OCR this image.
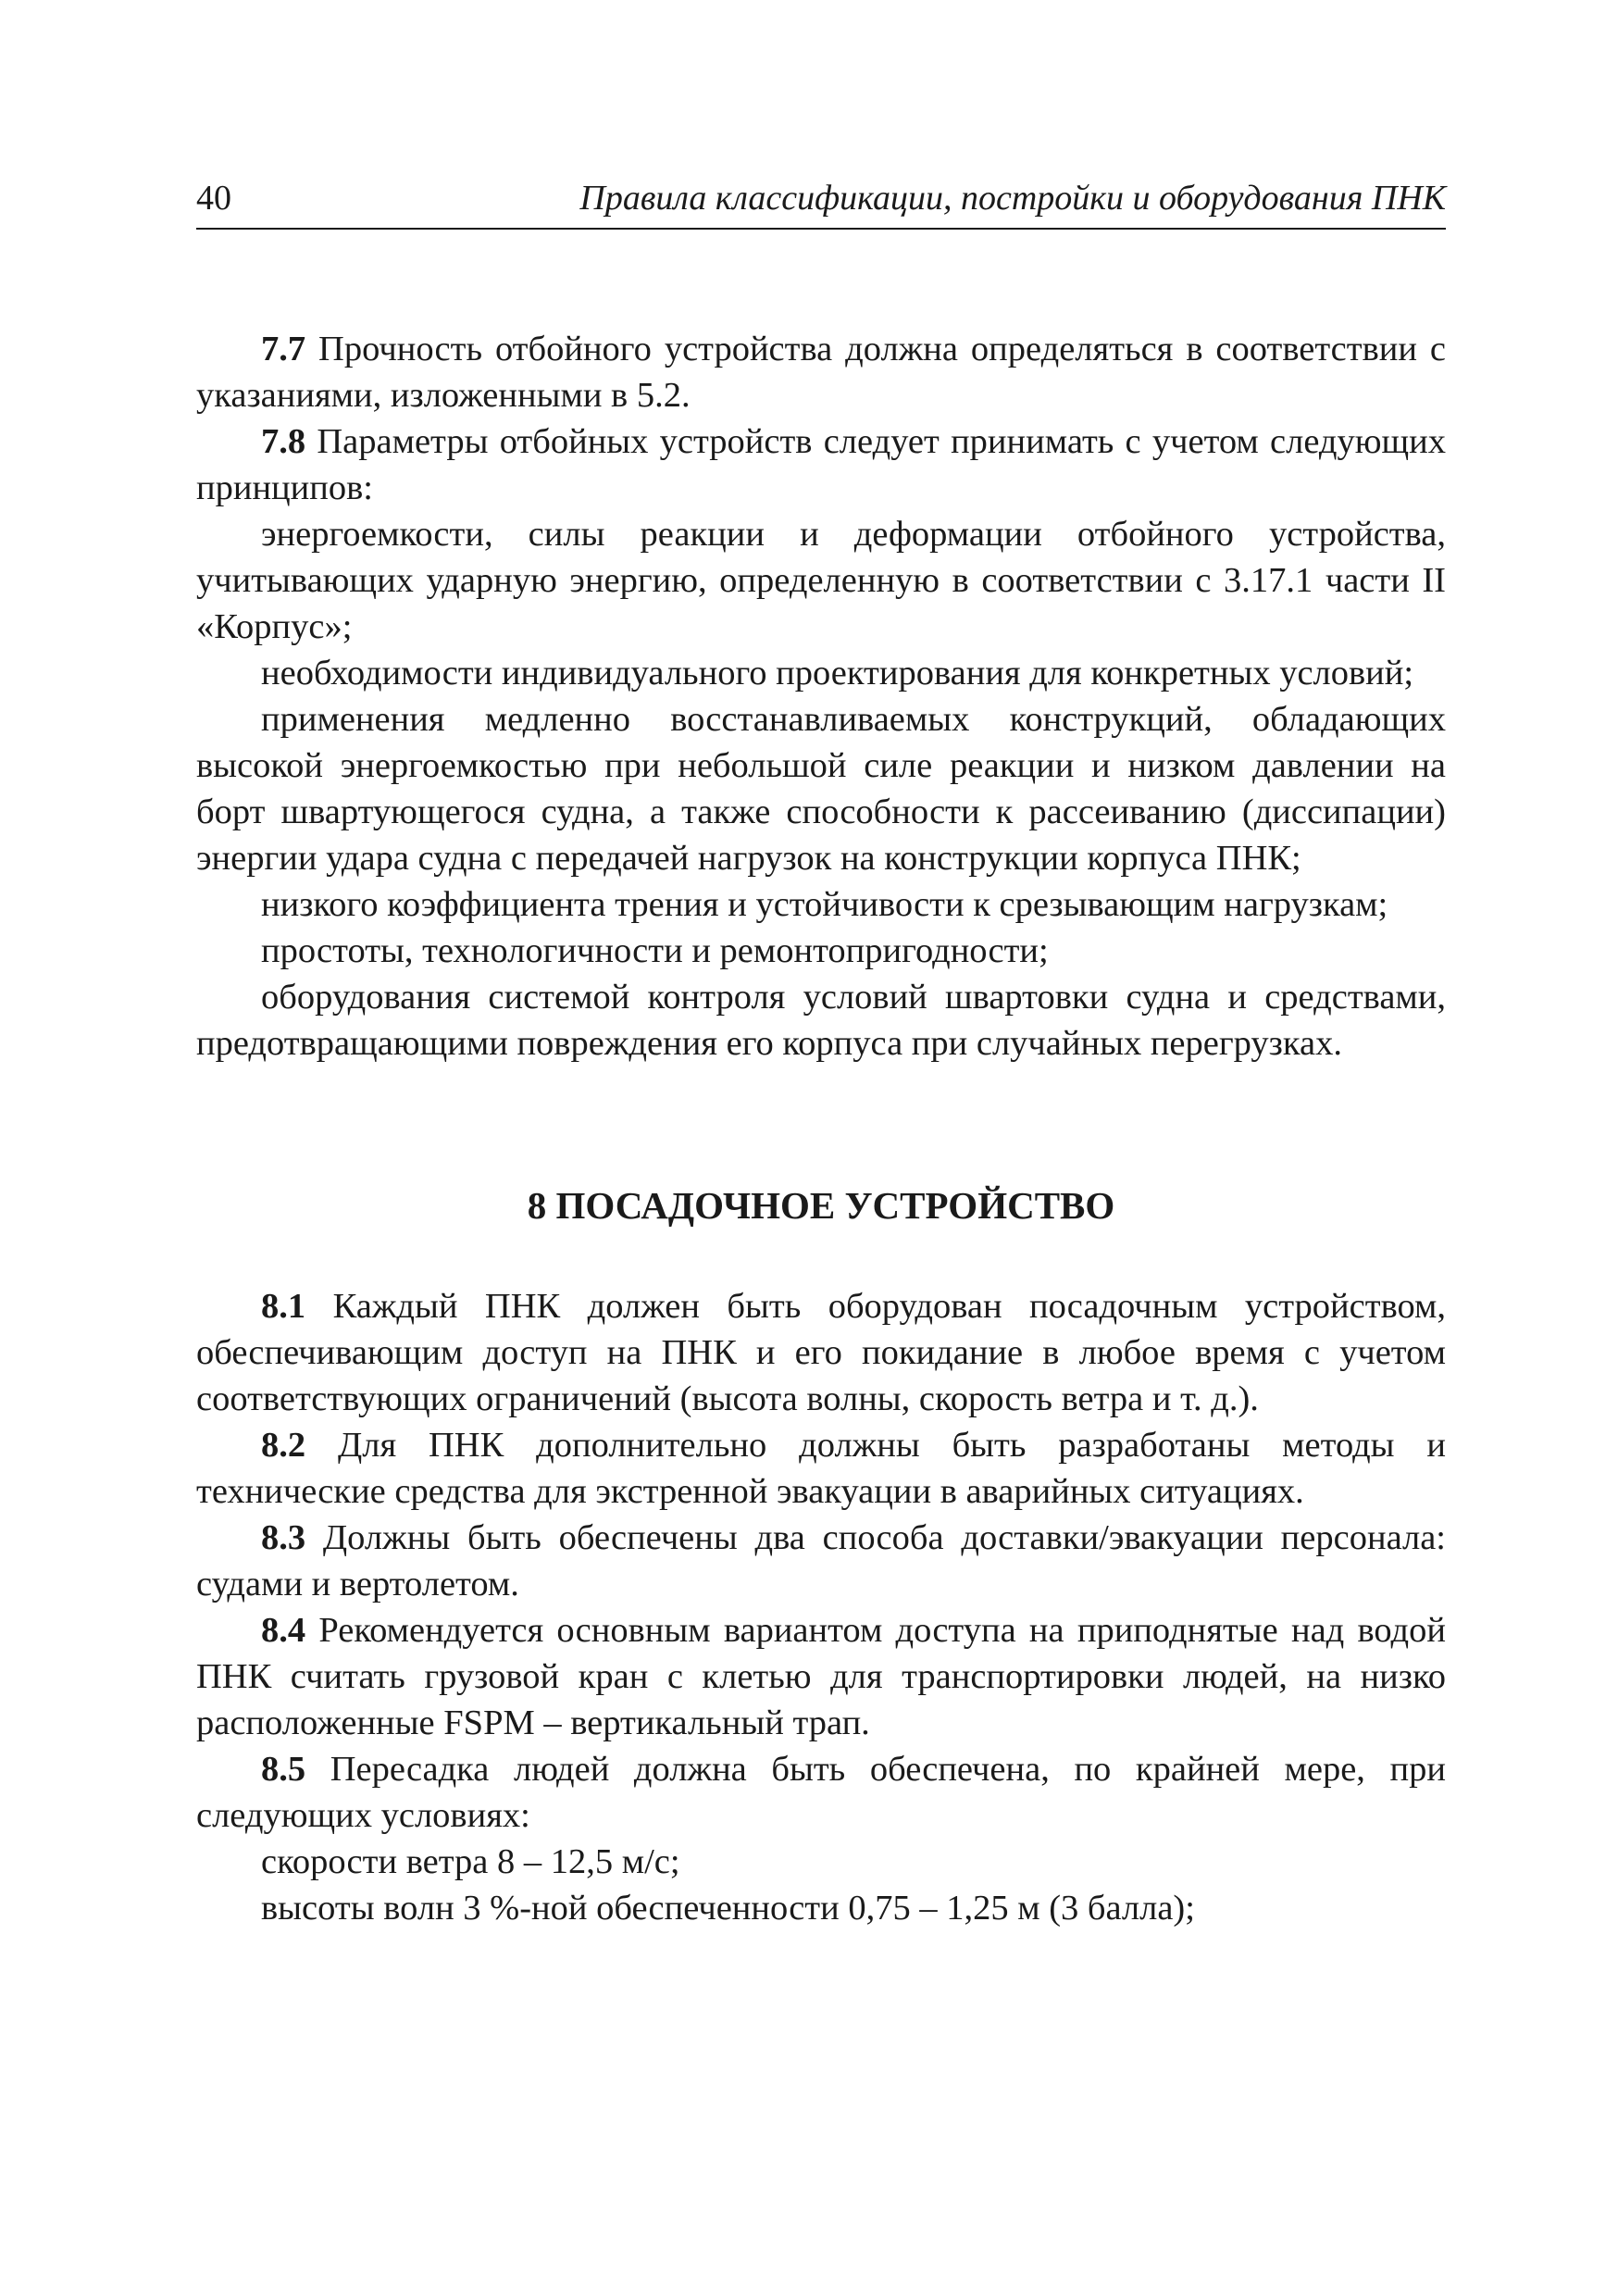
40	Правила классификации, постройки и оборудования ПНК

7.7 Прочность отбойного устройства должна определяться в соответствии с указаниями, изложенными в 5.2.

7.8 Параметры отбойных устройств следует принимать с учетом следующих принципов:

энергоемкости, силы реакции и деформации отбойного устройства, учитывающих ударную энергию, определенную в соответствии с 3.17.1 части II «Корпус»;

необходимости индивидуального проектирования для конкретных условий;

применения медленно восстанавливаемых конструкций, обладающих высокой энергоемкостью при небольшой силе реакции и низком давлении на борт швартующегося судна, а также способности к рассеиванию (диссипации) энергии удара судна с передачей нагрузок на конструкции корпуса ПНК;

низкого коэффициента трения и устойчивости к срезывающим нагрузкам;

простоты, технологичности и ремонтопригодности;

оборудования системой контроля условий швартовки судна и средствами, предотвращающими повреждения его корпуса при случайных перегрузках.

8 ПОСАДОЧНОЕ УСТРОЙСТВО

8.1 Каждый ПНК должен быть оборудован посадочным устройством, обеспечивающим доступ на ПНК и его покидание в любое время с учетом соответствующих ограничений (высота волны, скорость ветра и т. д.).

8.2 Для ПНК дополнительно должны быть разработаны методы и технические средства для экстренной эвакуации в аварийных ситуациях.

8.3 Должны быть обеспечены два способа доставки/эвакуации персонала: судами и вертолетом.

8.4 Рекомендуется основным вариантом доступа на приподнятые над водой ПНК считать грузовой кран с клетью для транспортировки людей, на низко расположенные FSPM – вертикальный трап.

8.5 Пересадка людей должна быть обеспечена, по крайней мере, при следующих условиях:

скорости ветра 8 – 12,5 м/с;

высоты волн 3 %-ной обеспеченности 0,75 – 1,25 м (3 балла);
